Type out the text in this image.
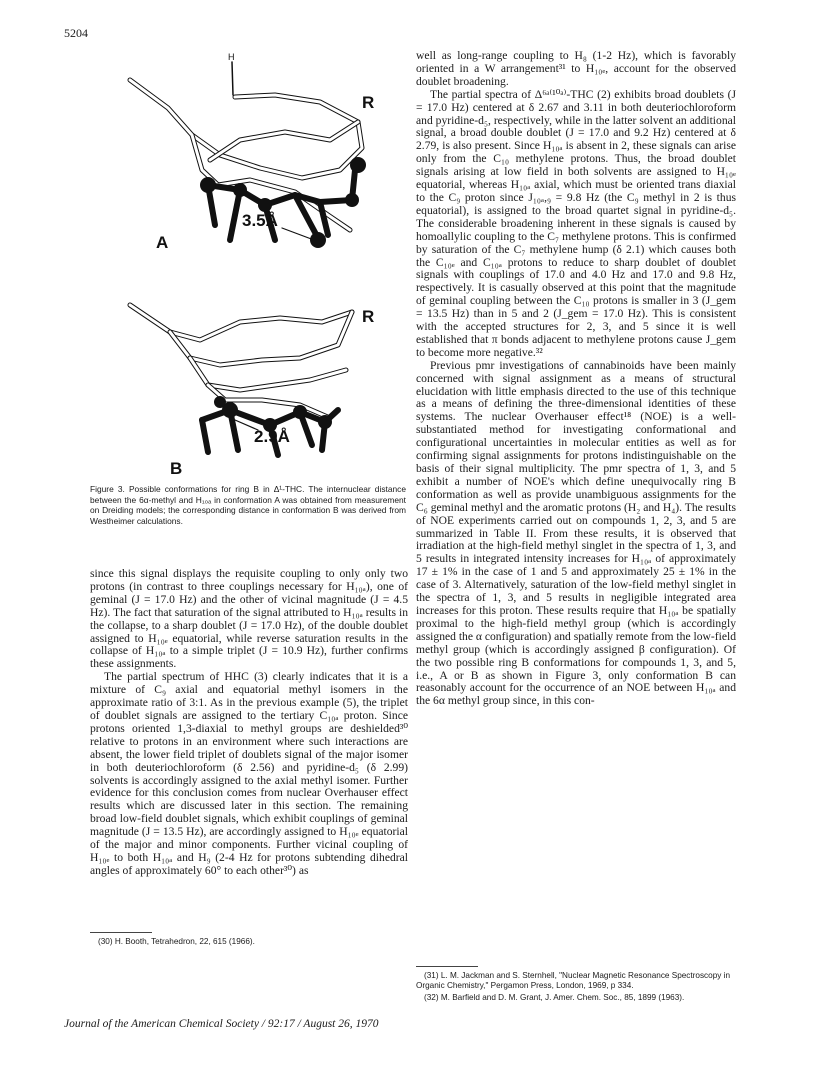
5204
H
R
3.5Å
A
R
2.9Å
B

Figure 3. Possible conformations for ring B in Δ¹-THC. The internuclear distance between the 6α-methyl and H₁₀ₐ in conformation A was obtained from measurement on Dreiding models; the corresponding distance in conformation B was derived from Westheimer calculations.

since this signal displays the requisite coupling to only only two protons (in contrast to three couplings necessary for H₁₀ₐ), one of geminal (J = 17.0 Hz) and the other of vicinal magnitude (J = 4.5 Hz). The fact that saturation of the signal attributed to H₁₀ₐ results in the collapse, to a sharp doublet (J = 17.0 Hz), of the double doublet assigned to H₁₀ₑ equatorial, while reverse saturation results in the collapse of H₁₀ₐ to a simple triplet (J = 10.9 Hz), further confirms these assignments.

The partial spectrum of HHC (3) clearly indicates that it is a mixture of C₉ axial and equatorial methyl isomers in the approximate ratio of 3:1. As in the previous example (5), the triplet of doublet signals are assigned to the tertiary C₁₀ₐ proton. Since protons oriented 1,3-diaxial to methyl groups are deshielded³⁰ relative to protons in an environment where such interactions are absent, the lower field triplet of doublets signal of the major isomer in both deuteriochloroform (δ 2.56) and pyridine-d₅ (δ 2.99) solvents is accordingly assigned to the axial methyl isomer. Further evidence for this conclusion comes from nuclear Overhauser effect results which are discussed later in this section. The remaining broad low-field doublet signals, which exhibit couplings of geminal magnitude (J = 13.5 Hz), are accordingly assigned to H₁₀ₑ equatorial of the major and minor components. Further vicinal coupling of H₁₀ₑ to both H₁₀ₐ and H₉ (2-4 Hz for protons subtending dihedral angles of approximately 60° to each other³⁰) as

(30) H. Booth, Tetrahedron, 22, 615 (1966).

well as long-range coupling to H₈ (1-2 Hz), which is favorably oriented in a W arrangement³¹ to H₁₀ₑ, account for the observed doublet broadening.

The partial spectra of Δ⁶ᵃ⁽¹⁰ᵃ⁾-THC (2) exhibits broad doublets (J = 17.0 Hz) centered at δ 2.67 and 3.11 in both deuteriochloroform and pyridine-d₅, respectively, while in the latter solvent an additional signal, a broad double doublet (J = 17.0 and 9.2 Hz) centered at δ 2.79, is also present. Since H₁₀ₐ is absent in 2, these signals can arise only from the C₁₀ methylene protons. Thus, the broad doublet signals arising at low field in both solvents are assigned to H₁₀ₑ equatorial, whereas H₁₀ₐ axial, which must be oriented trans diaxial to the C₉ proton since J₁₀ₐ,₉ = 9.8 Hz (the C₉ methyl in 2 is thus equatorial), is assigned to the broad quartet signal in pyridine-d₅. The considerable broadening inherent in these signals is caused by homoallylic coupling to the C₇ methylene protons. This is confirmed by saturation of the C₇ methylene hump (δ 2.1) which causes both the C₁₀ₑ and C₁₀ₐ protons to reduce to sharp doublet of doublet signals with couplings of 17.0 and 4.0 Hz and 17.0 and 9.8 Hz, respectively. It is casually observed at this point that the magnitude of geminal coupling between the C₁₀ protons is smaller in 3 (J_gem = 13.5 Hz) than in 5 and 2 (J_gem = 17.0 Hz). This is consistent with the accepted structures for 2, 3, and 5 since it is well established that π bonds adjacent to methylene protons cause J_gem to become more negative.³²

Previous pmr investigations of cannabinoids have been mainly concerned with signal assignment as a means of structural elucidation with little emphasis directed to the use of this technique as a means of defining the three-dimensional identities of these systems. The nuclear Overhauser effect¹⁸ (NOE) is a well-substantiated method for investigating conformational and configurational uncertainties in molecular entities as well as for confirming signal assignments for protons indistinguishable on the basis of their signal multiplicity. The pmr spectra of 1, 3, and 5 exhibit a number of NOE's which define unequivocally ring B conformation as well as provide unambiguous assignments for the C₆ geminal methyl and the aromatic protons (H₂ and H₄). The results of NOE experiments carried out on compounds 1, 2, 3, and 5 are summarized in Table II. From these results, it is observed that irradiation at the high-field methyl singlet in the spectra of 1, 3, and 5 results in integrated intensity increases for H₁₀ₐ of approximately 17 ± 1% in the case of 1 and 5 and approximately 25 ± 1% in the case of 3. Alternatively, saturation of the low-field methyl singlet in the spectra of 1, 3, and 5 results in negligible integrated area increases for this proton. These results require that H₁₀ₐ be spatially proximal to the high-field methyl group (which is accordingly assigned the α configuration) and spatially remote from the low-field methyl group (which is accordingly assigned β configuration). Of the two possible ring B conformations for compounds 1, 3, and 5, i.e., A or B as shown in Figure 3, only conformation B can reasonably account for the occurrence of an NOE between H₁₀ₐ and the 6α methyl group since, in this con-

(31) L. M. Jackman and S. Sternhell, "Nuclear Magnetic Resonance Spectroscopy in Organic Chemistry," Pergamon Press, London, 1969, p 334.

(32) M. Barfield and D. M. Grant, J. Amer. Chem. Soc., 85, 1899 (1963).

Journal of the American Chemical Society / 92:17 / August 26, 1970
